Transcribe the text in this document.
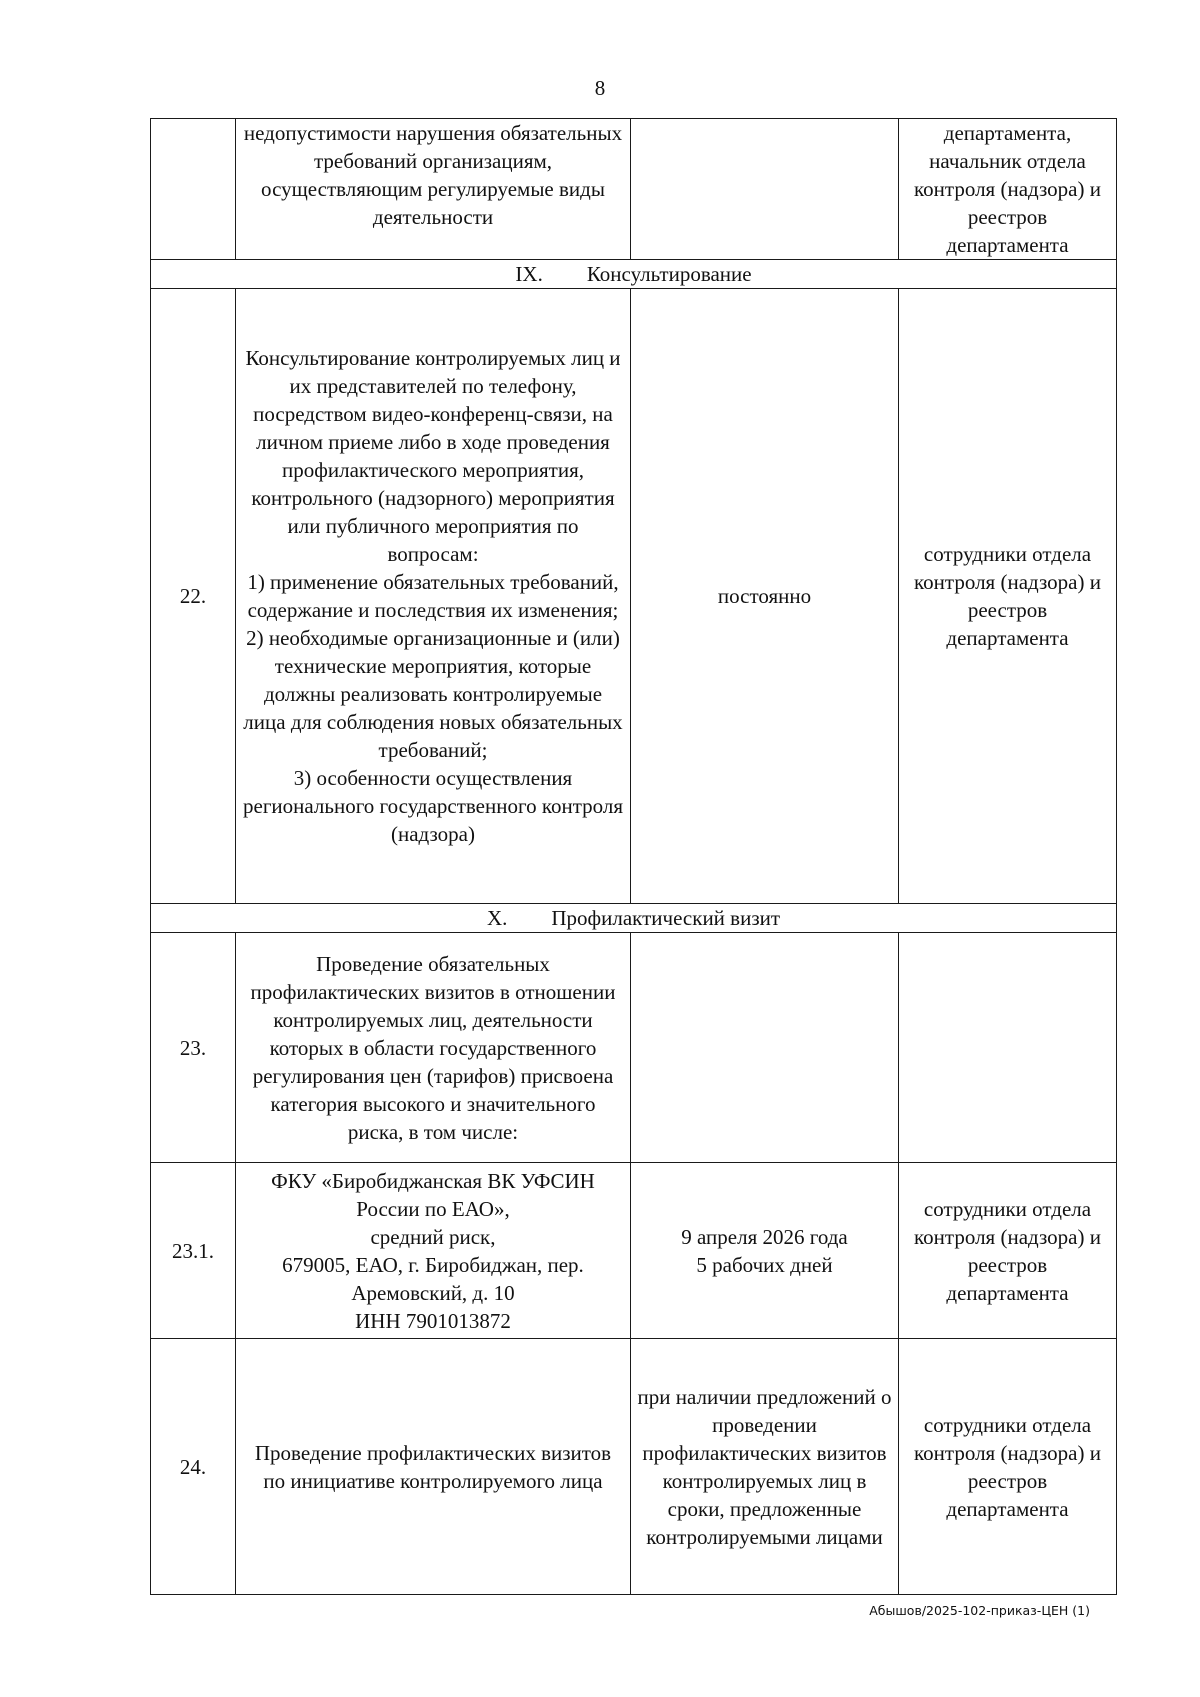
8
	недопустимости нарушения обязательных требований организациям, осуществляющим регулируемые виды деятельности		департамента, начальник отдела контроля (надзора) и реестров департамента
IX. Консультирование			
22.	Консультирование контролируемых лиц и их представителей по телефону, посредством видео-конференц-связи, на личном приеме либо в ходе проведения профилактического мероприятия, контрольного (надзорного) мероприятия или публичного мероприятия по вопросам:
1) применение обязательных требований, содержание и последствия их изменения;
2) необходимые организационные и (или) технические мероприятия, которые должны реализовать контролируемые лица для соблюдения новых обязательных требований;
3) особенности осуществления регионального государственного контроля (надзора)	постоянно	сотрудники отдела контроля (надзора) и реестров департамента
X. Профилактический визит			
23.	Проведение обязательных профилактических визитов в отношении контролируемых лиц, деятельности которых в области государственного регулирования цен (тарифов) присвоена категория высокого и значительного риска, в том числе:		
23.1.	ФКУ «Биробиджанская ВК УФСИН России по ЕАО»,
средний риск,
679005, ЕАО, г. Биробиджан, пер. Аремовский, д. 10
ИНН 7901013872	9 апреля 2026 года
5 рабочих дней	сотрудники отдела контроля (надзора) и реестров департамента
24.	Проведение профилактических визитов по инициативе контролируемого лица	при наличии предложений о проведении профилактических визитов контролируемых лиц в сроки, предложенные контролируемыми лицами	сотрудники отдела контроля (надзора) и реестров департамента
Абышов/2025-102-приказ-ЦЕН (1)
